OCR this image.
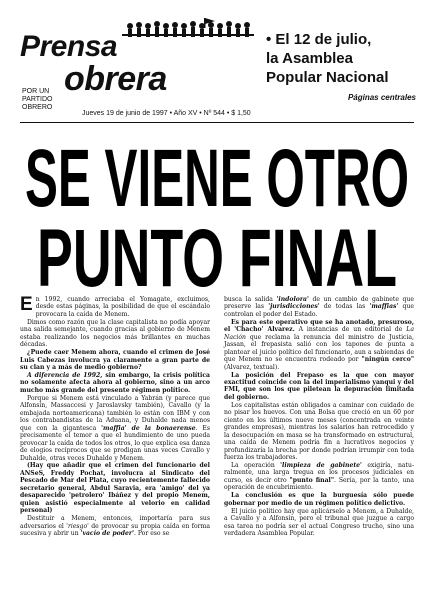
Prensa
obrera
POR UN
PARTIDO
OBRERO
Jueves 19 de junio de 1997 • Año XV • Nº 544 • $ 1,50
• El 12 de julio,
la Asamblea
Popular Nacional
Páginas centrales
SE VIENE OTRO
PUNTO FINAL

En 1992, cuando arreciaba el Yomagate, excluimos, desde estas páginas, la posibilidad de que el escándalo provocara la caída de Menem.

Dimos como razón que la clase capitalista no podía apoyar una salida semejante, cuando gracias al gobierno de Menem estaba realizando los negocios más brillantes en muchas décadas.

¿Puede caer Menem ahora, cuando el crimen de José Luis Cabezas involucra ya claramente a gran parte de su clan y a más de medio gobierno?

A diferencia de 1992, sin embargo, la crisis política no solamente afecta ahora al gobierno, sino a un arco mucho más grande del presente régimen político.

Porque si Menem está vinculado a Yabrán (y parece que Alfonsín, Massaccesi y Jaroslavsky también), Cavallo (y la embajada norteamericana) también lo están con IBM y con los contrabandistas de la Aduana, y Duhalde nada menos que con la gigantesca 'maffia' de la bonaerense. Es precisamente el temor a que el hundimiento de uno pueda provocar la caída de todos los otros, lo que explica esa danza de elogios recíprocos que se prodigan unas veces Cavallo y Duhalde, otras veces Duhalde y Menem.

(Hay que añadir que el crimen del funcionario del ANSeS, Freddy Pochat, involucra al Sindicato del Pescado de Mar del Plata, cuyo recientemente fallecido secretario general, Abdul Saravia, era 'amigo' del ya desaparecido 'petrolero' Ibáñez y del propio Menem, quien asistió especialmente al velorio en calidad personal)

Destituir a Menem, entonces, importaría para sus adversarios el 'riesgo' de provocar su propia caída en forma sucesiva y abrir un 'vacío de poder'. Por eso se

busca la salida 'indolora' de un cambio de gabinete que preserve las 'jurisdicciones' de todas las 'maffias' que controlan el poder del Estado.

Es para este operativo que se ha anotado, presuroso, el 'Chacho' Alvarez. A instancias de un editorial de La Nación que reclama la renuncia del ministro de Justicia, Jassan, el frepasista salió con los tapones de punta a plantear el juicio político del funcionario, aun a sabiendas de que Menem no se encuentra rodeado por "ningún cerco" (Alvarez, textual).

La posición del Frepaso es la que con mayor exactitud coincide con la del imperialismo yanqui y del FMI, que son los que piletean la depuración limitada del gobierno.

Los capitalistas están obligados a caminar con cuidado de no pisar los huevos. Con una Bolsa que creció en un 60 por ciento en los últimos nueve meses (concentrada en veinte grandes empresas), mientras los salarios han retrocedido y la desocupación en masa se ha transformado en estructural, una caída de Menem podría fin a lucrativos negocios y profundizaría la brecha por donde podrían irrumpir con toda fuerza los trabajadores.

La operación 'limpieza de gabinete' exigiría, naturalmente, una larga tregua en los procesos judiciales en curso, es decir otro "punto final". Sería, por la tanto, una operación de encubrimiento.

La conclusión es que la burguesía sólo puede gobernar por medio de un régimen político delictivo.

El juicio político hay que aplicárselo a Menem, a Duhalde, a Cavallo y a Alfonsín, pero el tribunal que juzgue a cargo esa tarea no podría ser el actual Congreso trucho, sino una verdadera Asamblea Popular.
